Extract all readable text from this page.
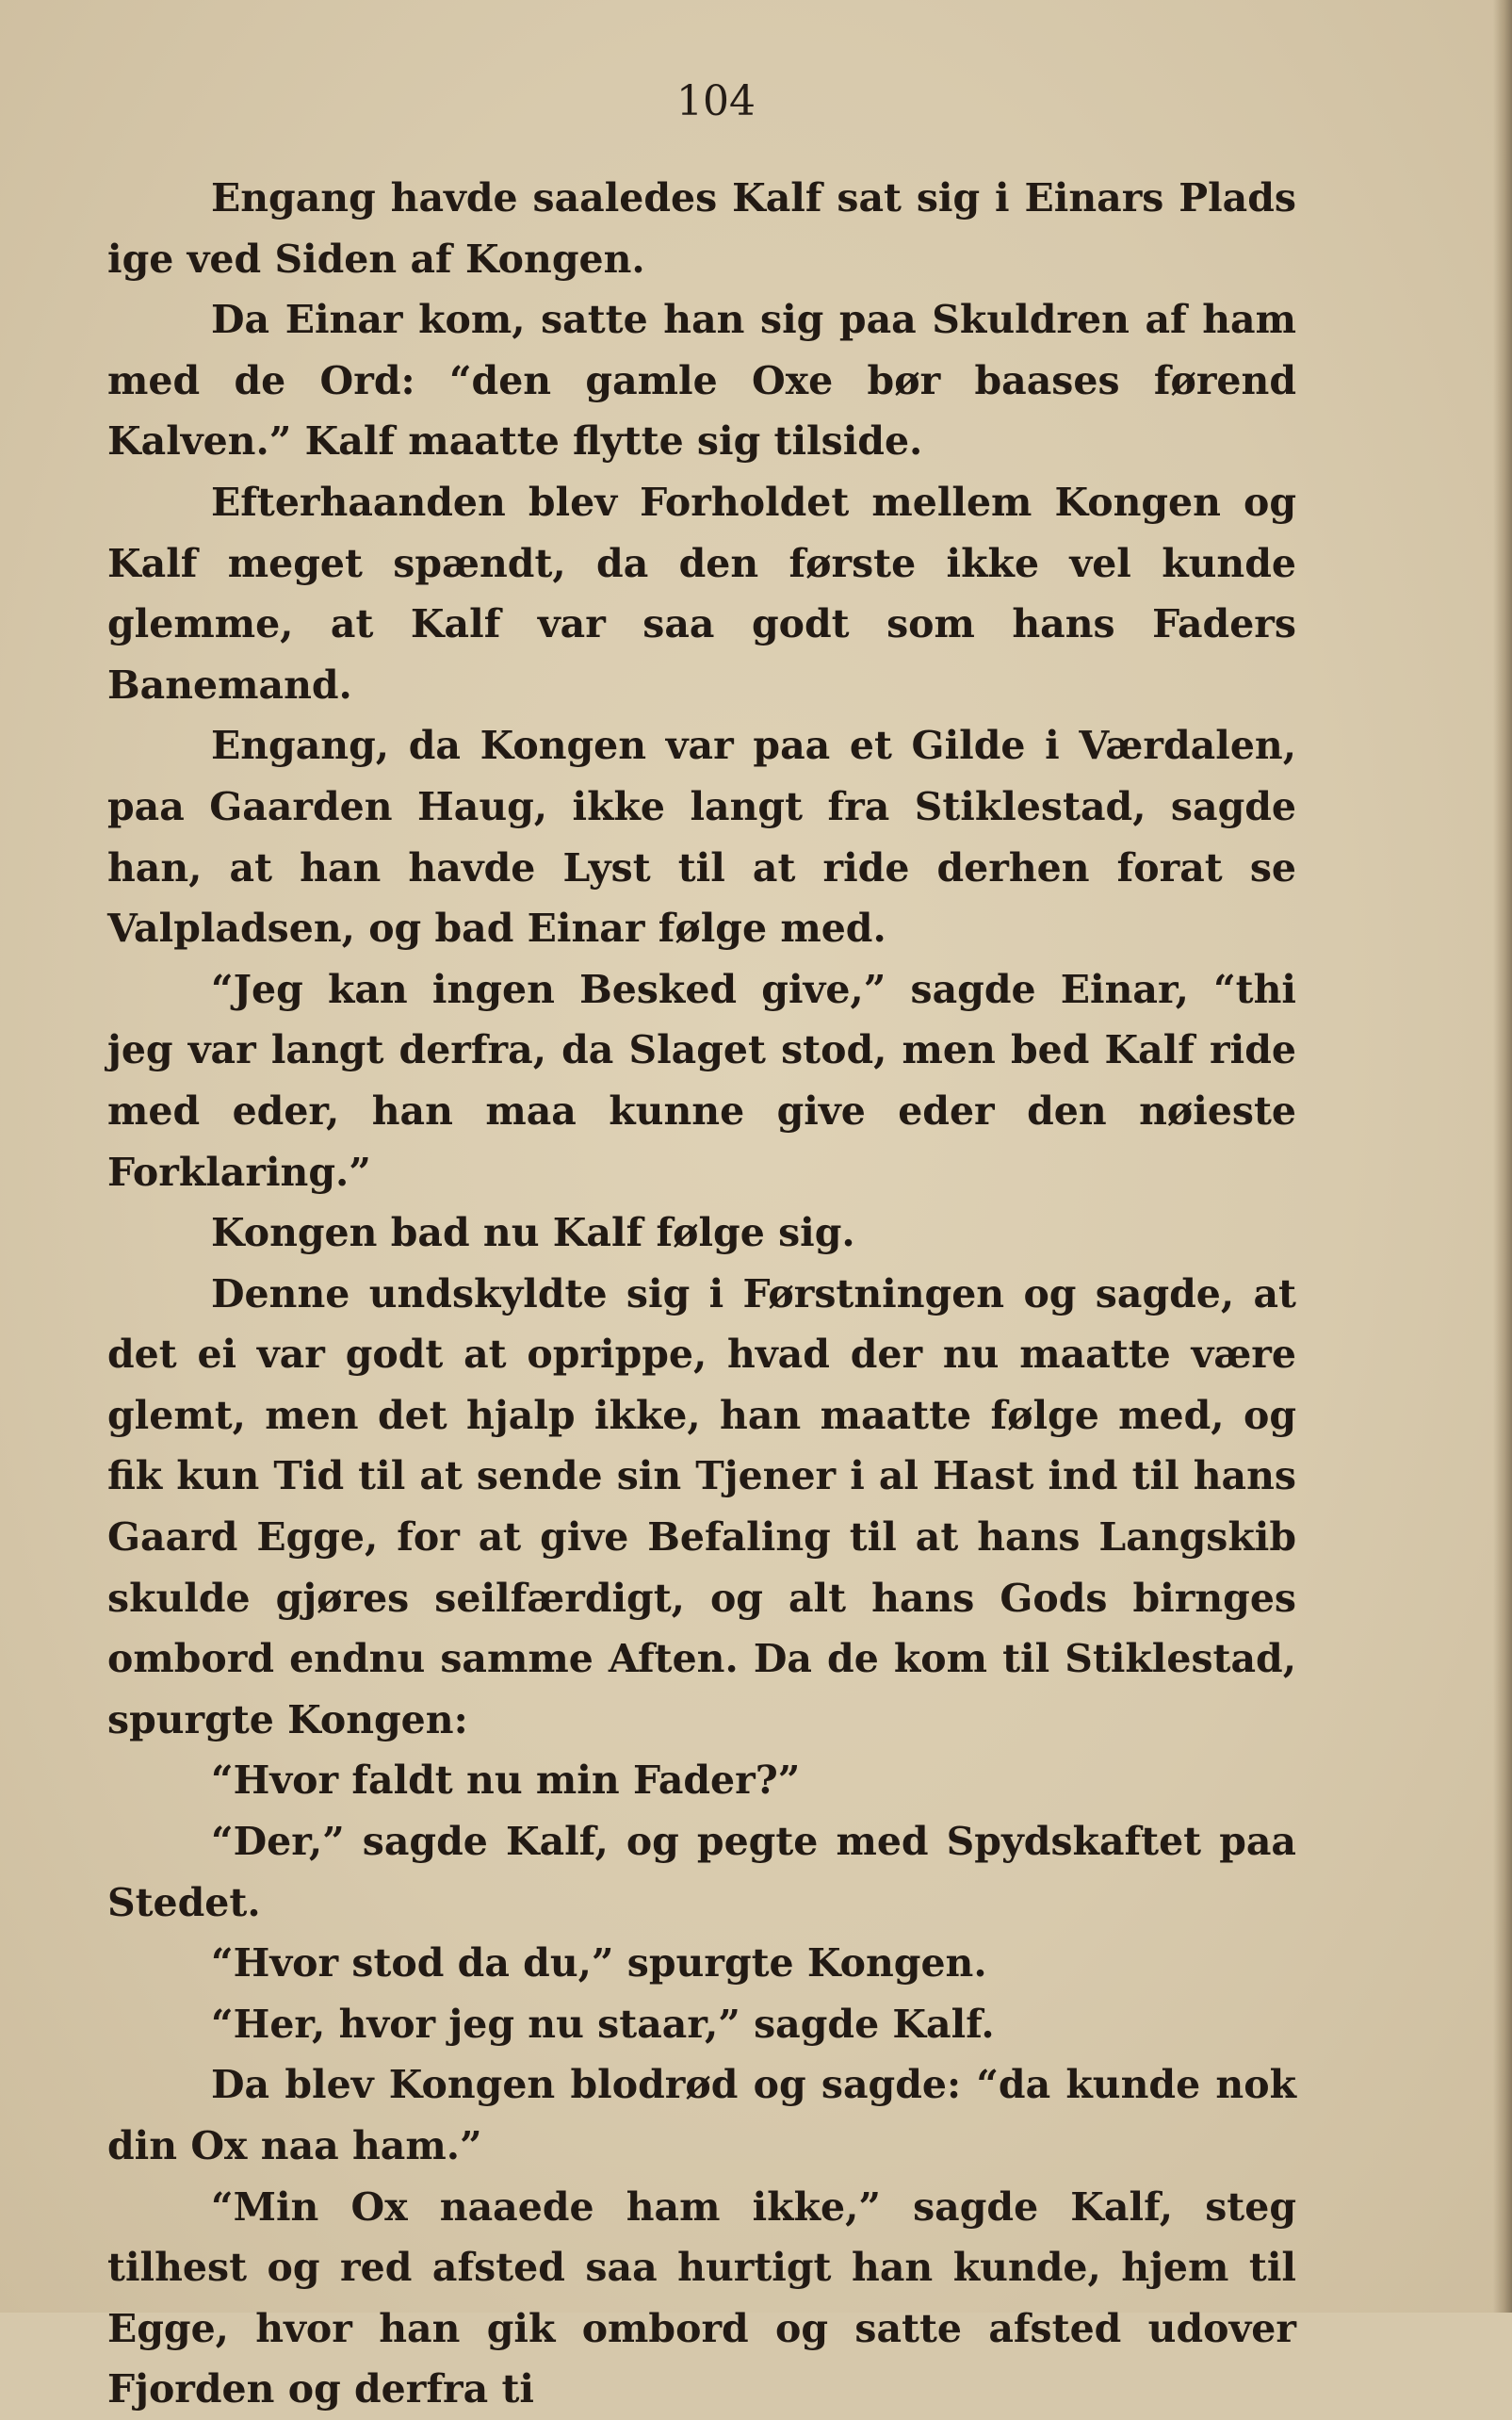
104

Engang havde saaledes Kalf sat sig i Einars Plads ige ved Siden af Kongen.

Da Einar kom, satte han sig paa Skuldren af ham med de Ord: “den gamle Oxe bør baases førend Kalven.” Kalf maatte flytte sig tilside.

Efterhaanden blev Forholdet mellem Kongen og Kalf meget spændt, da den første ikke vel kunde glemme, at Kalf var saa godt som hans Faders Banemand.

Engang, da Kongen var paa et Gilde i Værdalen, paa Gaarden Haug, ikke langt fra Stiklestad, sagde han, at han havde Lyst til at ride derhen forat se Valpladsen, og bad Einar følge med.

“Jeg kan ingen Besked give,” sagde Einar, “thi jeg var langt derfra, da Slaget stod, men bed Kalf ride med eder, han maa kunne give eder den nøieste Forklaring.”

Kongen bad nu Kalf følge sig.

Denne undskyldte sig i Førstningen og sagde, at det ei var godt at oprippe, hvad der nu maatte være glemt, men det hjalp ikke, han maatte følge med, og fik kun Tid til at sende sin Tjener i al Hast ind til hans Gaard Egge, for at give Befaling til at hans Langskib skulde gjøres seilfærdigt, og alt hans Gods birnges ombord endnu samme Aften. Da de kom til Stiklestad, spurgte Kongen:

“Hvor faldt nu min Fader?”

“Der,” sagde Kalf, og pegte med Spydskaftet paa Stedet.

“Hvor stod da du,” spurgte Kongen.

“Her, hvor jeg nu staar,” sagde Kalf.

Da blev Kongen blodrød og sagde: “da kunde nok din Ox naa ham.”

“Min Ox naaede ham ikke,” sagde Kalf, steg tilhest og red afsted saa hurtigt han kunde, hjem til Egge, hvor han gik ombord og satte afsted udover Fjorden og derfra ti
